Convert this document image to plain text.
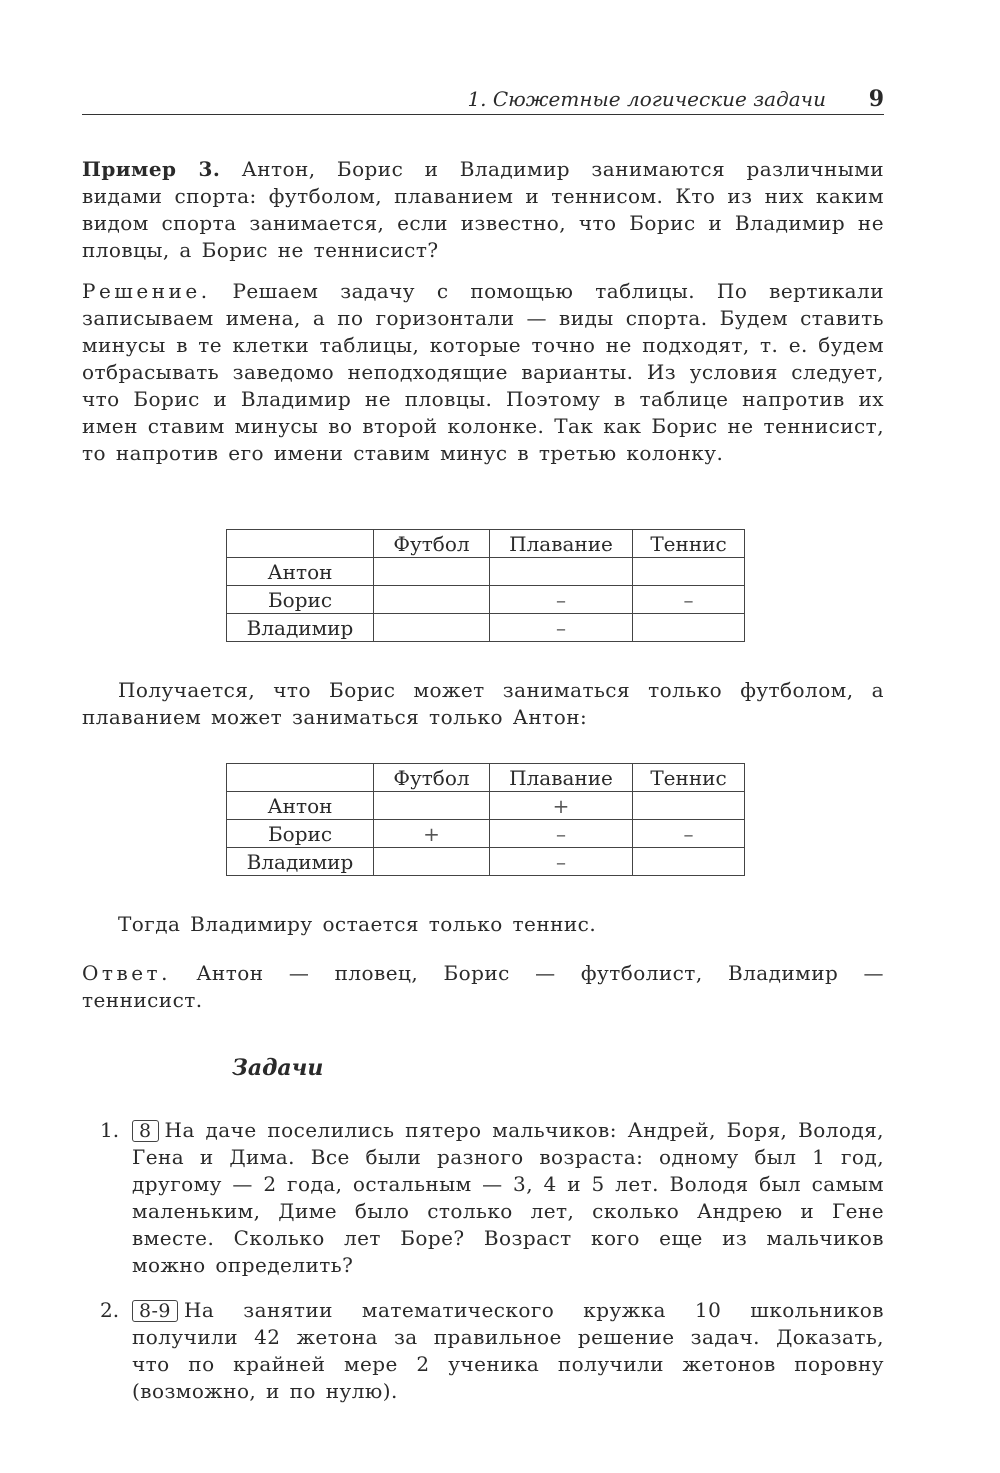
1. Сюжетные логические задачи 9
Пример 3. Антон, Борис и Владимир занимаются различными видами спорта: футболом, плаванием и теннисом. Кто из них каким видом спорта занимается, если известно, что Борис и Владимир не пловцы, а Борис не теннисист?
Решение. Решаем задачу с помощью таблицы. По вертикали записываем имена, а по горизонтали — виды спорта. Будем ставить минусы в те клетки таблицы, которые точно не подходят, т. е. будем отбрасывать заведомо неподходящие варианты. Из условия следует, что Борис и Владимир не пловцы. Поэтому в таблице напротив их имен ставим минусы во второй колонке. Так как Борис не теннисист, то напротив его имени ставим минус в третью колонку.
	Футбол	Плавание	Теннис
Антон			
Борис		–	–
Владимир		–	
Получается, что Борис может заниматься только футболом, а плаванием может заниматься только Антон:
	Футбол	Плавание	Теннис
Антон		+	
Борис	+	–	–
Владимир		–	
Тогда Владимиру остается только теннис.
Ответ. Антон — пловец, Борис — футболист, Владимир — теннисист.
Задачи
1.	8 На даче поселились пятеро мальчиков: Андрей, Боря, Володя, Гена и Дима. Все были разного возраста: одному был 1 год, другому — 2 года, остальным — 3, 4 и 5 лет. Володя был самым маленьким, Диме было столько лет, сколько Андрею и Гене вместе. Сколько лет Боре? Возраст кого еще из мальчиков можно определить?
2.	8-9 На занятии математического кружка 10 школьников получили 42 жетона за правильное решение задач. Доказать, что по крайней мере 2 ученика получили жетонов поровну (возможно, и по нулю).
